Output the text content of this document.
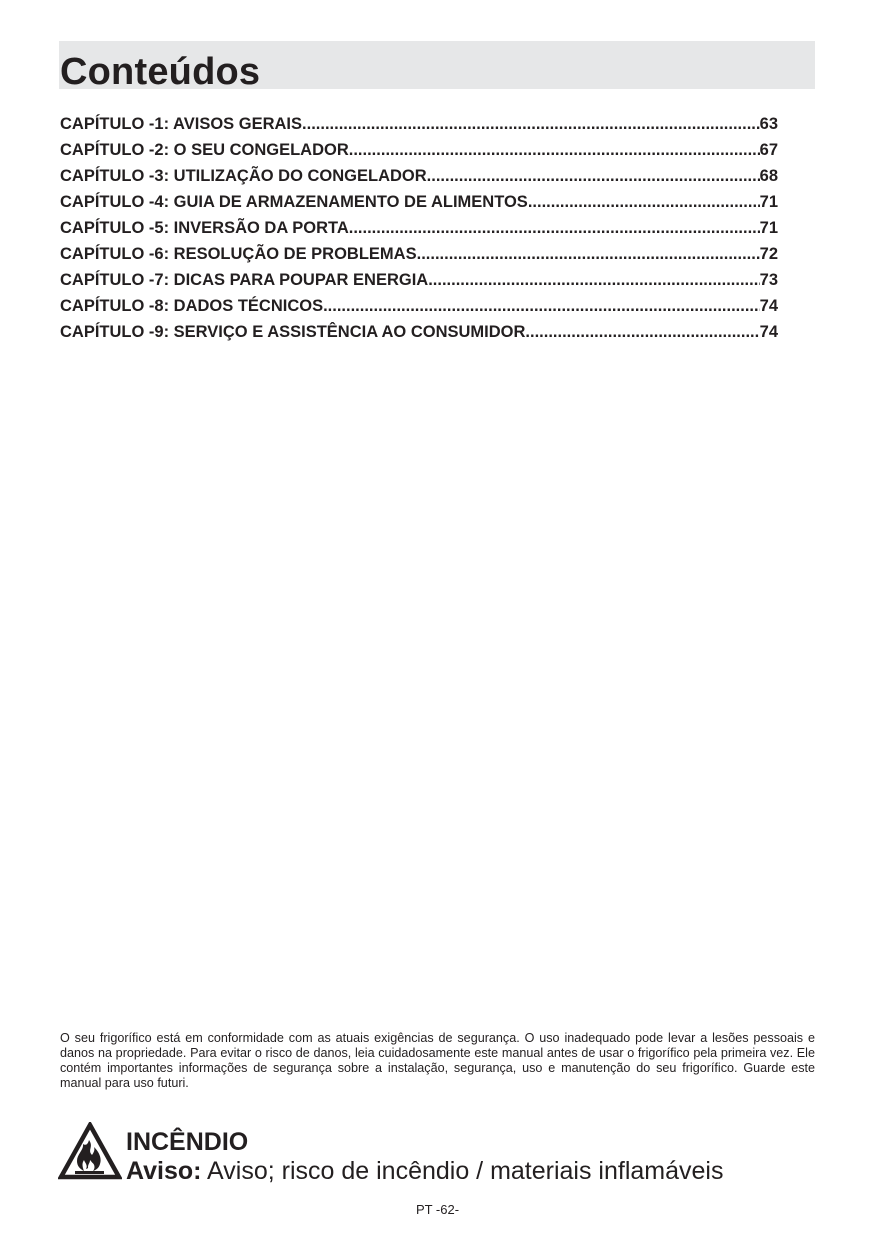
Conteúdos
CAPÍTULO -1: AVISOS GERAIS .....	63
CAPÍTULO -2: O SEU CONGELADOR .....	67
CAPÍTULO -3: UTILIZAÇÃO DO CONGELADOR .....	68
CAPÍTULO -4: GUIA DE ARMAZENAMENTO DE ALIMENTOS .....	71
CAPÍTULO -5: INVERSÃO DA PORTA .....	71
CAPÍTULO -6: RESOLUÇÃO DE PROBLEMAS .....	72
CAPÍTULO -7: DICAS PARA POUPAR ENERGIA .....	73
CAPÍTULO -8: DADOS TÉCNICOS .....	74
CAPÍTULO -9: SERVIÇO E ASSISTÊNCIA AO CONSUMIDOR .....	74

O seu frigorífico está em conformidade com as atuais exigências de segurança. O uso inadequado pode levar a lesões pessoais e danos na propriedade. Para evitar o risco de danos, leia cuidadosamente este manual antes de usar o frigorífico pela primeira vez. Ele contém importantes informações de segurança sobre a instalação, segurança, uso e manutenção do seu frigorífico. Guarde este manual para uso futuri.

INCÊNDIO
Aviso: Aviso; risco de incêndio / materiais inflamáveis
PT -62-
